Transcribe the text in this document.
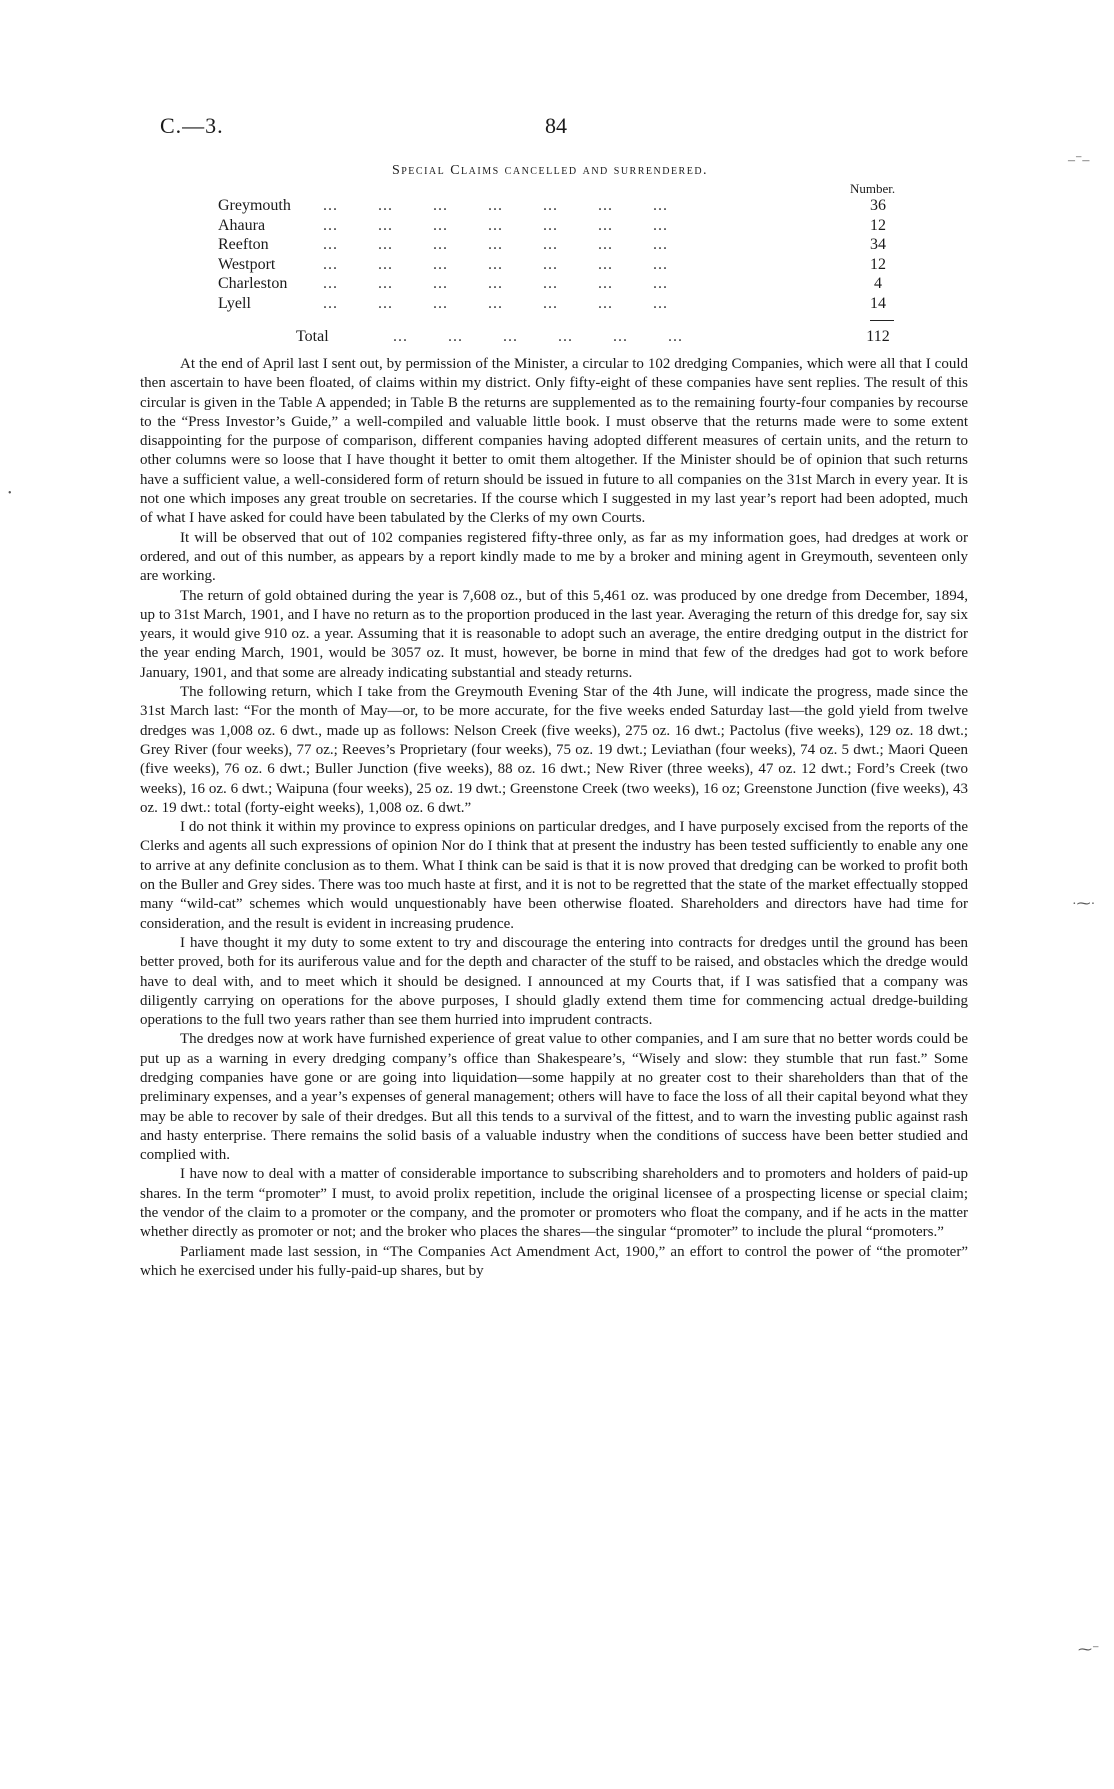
C.—3.	84
Special Claims cancelled and surrendered.
Number.
Greymouth ...        ...        ...        ...        ...        ...        ...	36
Ahaura	...        ...        ...        ...        ...        ...        ...	12
Reefton	...        ...        ...        ...        ...        ...        ...	34
Westport	...        ...        ...        ...        ...        ...        ...	12
Charleston ...        ...        ...        ...        ...        ...        ...	4
Lyell	...        ...        ...        ...        ...        ...        ...	14
Total	...        ...        ...        ...        ...        ...	112

At the end of April last I sent out, by permission of the Minister, a circular to 102 dredging Companies, which were all that I could then ascertain to have been floated, of claims within my district. Only fifty-eight of these companies have sent replies. The result of this circular is given in the Table A appended; in Table B the returns are supplemented as to the remaining fourty-four companies by recourse to the “Press Investor’s Guide,” a well-compiled and valuable little book. I must observe that the returns made were to some extent disappointing for the purpose of comparison, different companies having adopted different measures of certain units, and the return to other columns were so loose that I have thought it better to omit them altogether. If the Minister should be of opinion that such returns have a sufficient value, a well-considered form of return should be issued in future to all companies on the 31st March in every year. It is not one which imposes any great trouble on secretaries. If the course which I suggested in my last year’s report had been adopted, much of what I have asked for could have been tabulated by the Clerks of my own Courts.

It will be observed that out of 102 companies registered fifty-three only, as far as my information goes, had dredges at work or ordered, and out of this number, as appears by a report kindly made to me by a broker and mining agent in Greymouth, seventeen only are working.

The return of gold obtained during the year is 7,608 oz., but of this 5,461 oz. was produced by one dredge from December, 1894, up to 31st March, 1901, and I have no return as to the proportion produced in the last year. Averaging the return of this dredge for, say six years, it would give 910 oz. a year. Assuming that it is reasonable to adopt such an average, the entire dredging output in the district for the year ending March, 1901, would be 3057 oz. It must, however, be borne in mind that few of the dredges had got to work before January, 1901, and that some are already indicating substantial and steady returns.

The following return, which I take from the Greymouth Evening Star of the 4th June, will indicate the progress, made since the 31st March last: “For the month of May—or, to be more accurate, for the five weeks ended Saturday last—the gold yield from twelve dredges was 1,008 oz. 6 dwt., made up as follows: Nelson Creek (five weeks), 275 oz. 16 dwt.; Pactolus (five weeks), 129 oz. 18 dwt.; Grey River (four weeks), 77 oz.; Reeves’s Proprietary (four weeks), 75 oz. 19 dwt.; Leviathan (four weeks), 74 oz. 5 dwt.; Maori Queen (five weeks), 76 oz. 6 dwt.; Buller Junction (five weeks), 88 oz. 16 dwt.; New River (three weeks), 47 oz. 12 dwt.; Ford’s Creek (two weeks), 16 oz. 6 dwt.; Waipuna (four weeks), 25 oz. 19 dwt.; Greenstone Creek (two weeks), 16 oz; Greenstone Junction (five weeks), 43 oz. 19 dwt.: total (forty-eight weeks), 1,008 oz. 6 dwt.”

I do not think it within my province to express opinions on particular dredges, and I have purposely excised from the reports of the Clerks and agents all such expressions of opinion Nor do I think that at present the industry has been tested sufficiently to enable any one to arrive at any definite conclusion as to them. What I think can be said is that it is now proved that dredging can be worked to profit both on the Buller and Grey sides. There was too much haste at first, and it is not to be regretted that the state of the market effectually stopped many “wild-cat” schemes which would unquestionably have been otherwise floated. Shareholders and directors have had time for consideration, and the result is evident in increasing prudence.

I have thought it my duty to some extent to try and discourage the entering into contracts for dredges until the ground has been better proved, both for its auriferous value and for the depth and character of the stuff to be raised, and obstacles which the dredge would have to deal with, and to meet which it should be designed. I announced at my Courts that, if I was satisfied that a company was diligently carrying on operations for the above purposes, I should gladly extend them time for commencing actual dredge-building operations to the full two years rather than see them hurried into imprudent contracts.

The dredges now at work have furnished experience of great value to other companies, and I am sure that no better words could be put up as a warning in every dredging company’s office than Shakespeare’s, “Wisely and slow: they stumble that run fast.” Some dredging companies have gone or are going into liquidation—some happily at no greater cost to their shareholders than that of the preliminary expenses, and a year’s expenses of general management; others will have to face the loss of all their capital beyond what they may be able to recover by sale of their dredges. But all this tends to a survival of the fittest, and to warn the investing public against rash and hasty enterprise. There remains the solid basis of a valuable industry when the conditions of success have been better studied and complied with.

I have now to deal with a matter of considerable importance to subscribing shareholders and to promoters and holders of paid-up shares. In the term “promoter” I must, to avoid prolix repetition, include the original licensee of a prospecting license or special claim; the vendor of the claim to a promoter or the company, and the promoter or promoters who float the company, and if he acts in the matter whether directly as promoter or not; and the broker who places the shares—the singular “promoter” to include the plural “promoters.”

Parliament made last session, in “The Companies Act Amendment Act, 1900,” an effort to control the power of “the promoter” which he exercised under his fully-paid-up shares, but by

–⁻–
·⁓·
⁓⁻
•
